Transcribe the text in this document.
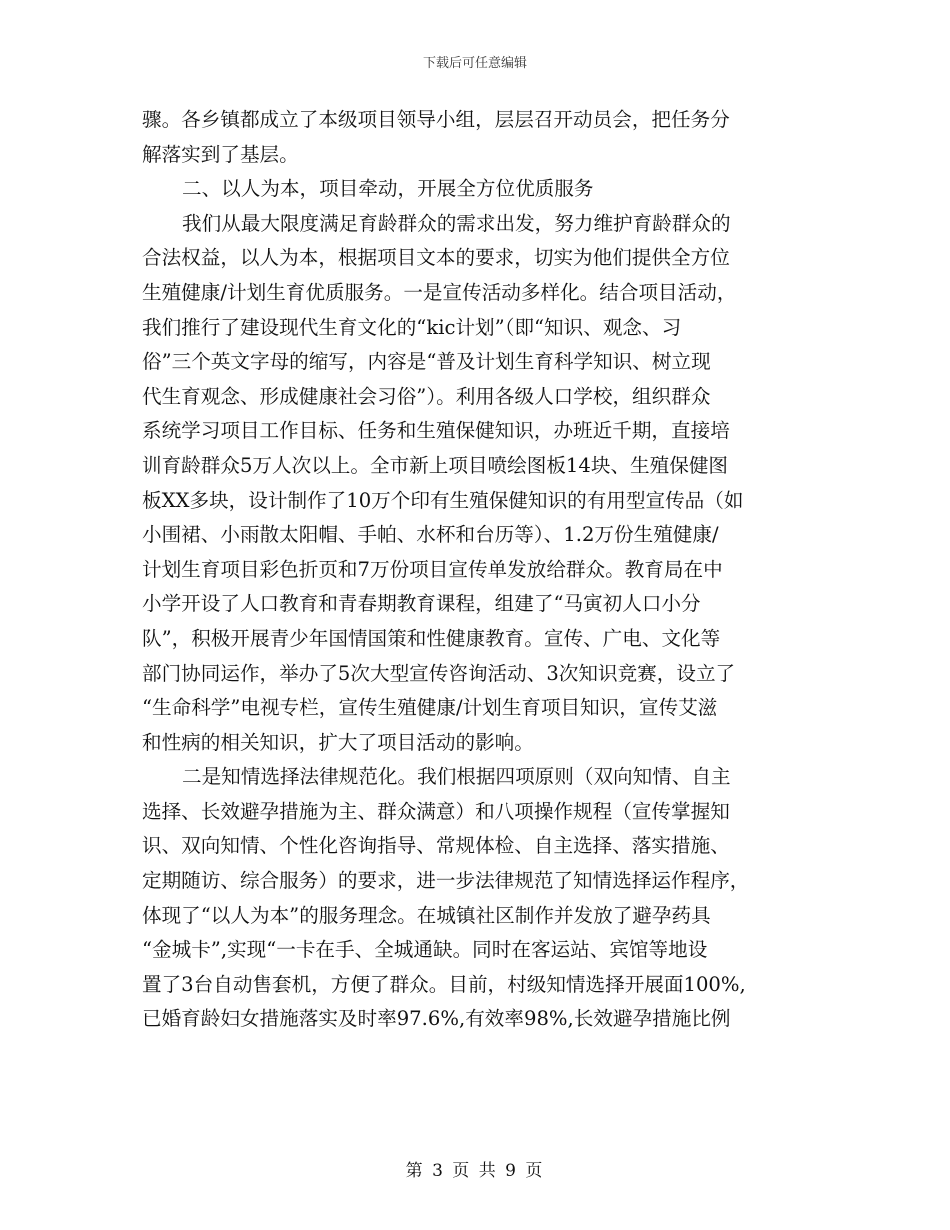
下载后可任意编辑
骤。各乡镇都成立了本级项目领导小组，层层召开动员会，把任务分
解落实到了基层。
二、以人为本，项目牵动，开展全方位优质服务
我们从最大限度满足育龄群众的需求出发，努力维护育龄群众的
合法权益，以人为本，根据项目文本的要求，切实为他们提供全方位
生殖健康/计划生育优质服务。一是宣传活动多样化。结合项目活动，
我们推行了建设现代生育文化的“kic计划”（即“知识、观念、习
俗”三个英文字母的缩写，内容是“普及计划生育科学知识、树立现
代生育观念、形成健康社会习俗”）。利用各级人口学校，组织群众
系统学习项目工作目标、任务和生殖保健知识，办班近千期，直接培
训育龄群众5万人次以上。全市新上项目喷绘图板14块、生殖保健图
板XX多块，设计制作了10万个印有生殖保健知识的有用型宣传品（如
小围裙、小雨散太阳帽、手帕、水杯和台历等）、1.2万份生殖健康/
计划生育项目彩色折页和7万份项目宣传单发放给群众。教育局在中
小学开设了人口教育和青春期教育课程，组建了“马寅初人口小分
队”，积极开展青少年国情国策和性健康教育。宣传、广电、文化等
部门协同运作，举办了5次大型宣传咨询活动、3次知识竞赛，设立了
“生命科学”电视专栏，宣传生殖健康/计划生育项目知识，宣传艾滋
和性病的相关知识，扩大了项目活动的影响。
二是知情选择法律规范化。我们根据四项原则（双向知情、自主
选择、长效避孕措施为主、群众满意）和八项操作规程（宣传掌握知
识、双向知情、个性化咨询指导、常规体检、自主选择、落实措施、
定期随访、综合服务）的要求，进一步法律规范了知情选择运作程序，
体现了“以人为本”的服务理念。在城镇社区制作并发放了避孕药具
“金城卡”,实现“一卡在手、全城通缺。同时在客运站、宾馆等地设
置了3台自动售套机，方便了群众。目前，村级知情选择开展面100%,
已婚育龄妇女措施落实及时率97.6%,有效率98%,长效避孕措施比例
第 3 页 共 9 页
